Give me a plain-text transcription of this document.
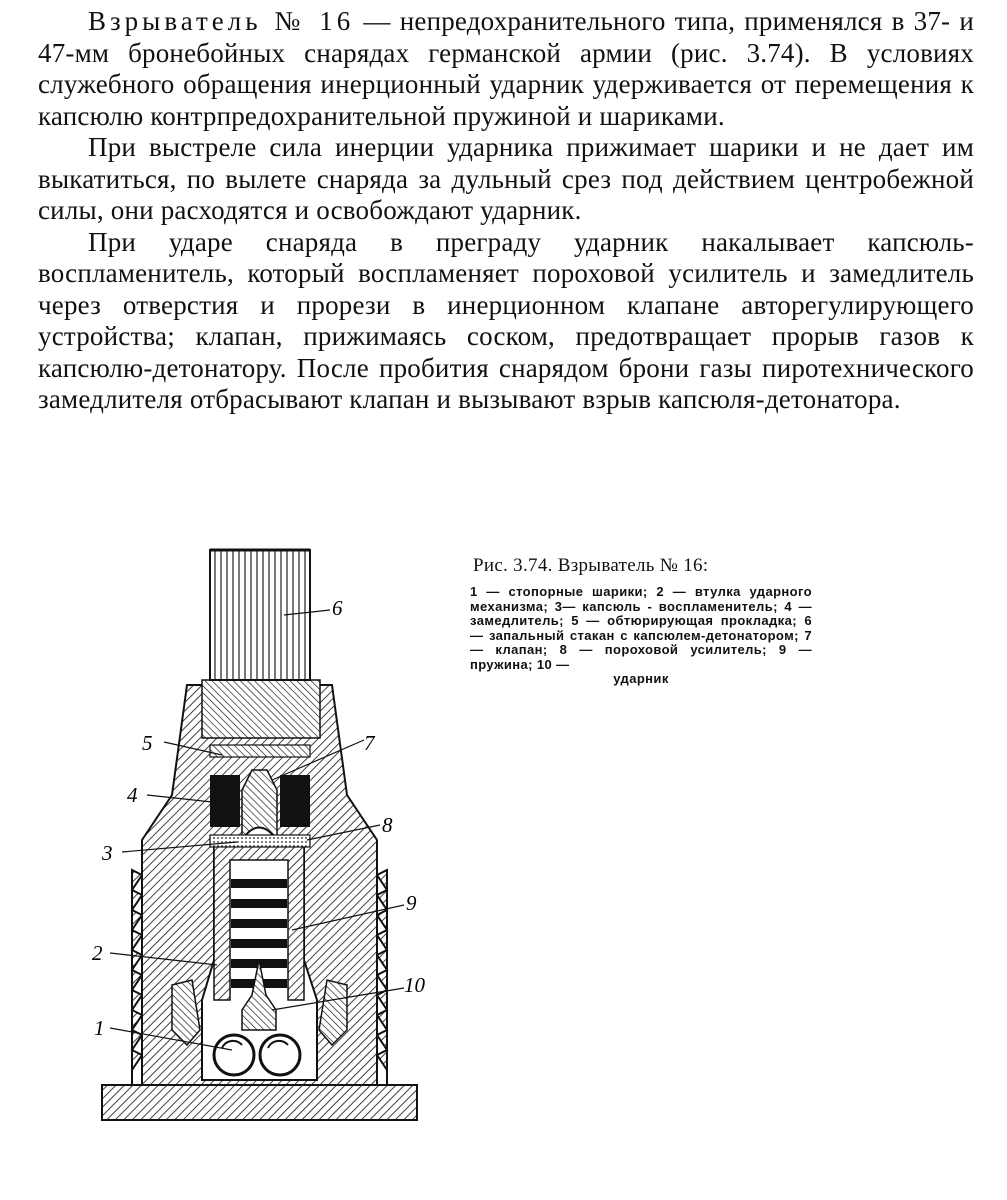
Взрыватель № 16 — непредохранительного типа, применялся в 37- и 47-мм бронебойных снарядах германской армии (рис. 3.74). В условиях служебного обращения инерционный ударник удерживается от перемещения к капсюлю контрпредохранительной пружиной и шариками.

При выстреле сила инерции ударника прижимает шарики и не дает им выкатиться, по вылете снаряда за дульный срез под действием центробежной силы, они расходятся и освобождают ударник.

При ударе снаряда в преграду ударник накалывает капсюль-воспламенитель, который воспламеняет пороховой усилитель и замедлитель через отверстия и прорези в инерционном клапане авторегулирующего устройства; клапан, прижимаясь соском, предотвращает прорыв газов к капсюлю-детонатору. После пробития снарядом брони газы пиротехнического замедлителя отбрасывают клапан и вызывают взрыв капсюля-детонатора.

6
5	7
4
8
3
9
2
10
1

Рис. 3.74. Взрыватель № 16:

1 — стопорные шарики; 2 — втулка ударного механизма; 3— капсюль - воспламенитель; 4 — замедлитель; 5 — обтюрирующая прокладка; 6 — запальный стакан с капсюлем-детонатором; 7 — клапан; 8 — пороховой усилитель; 9 — пружина; 10 —
ударник
